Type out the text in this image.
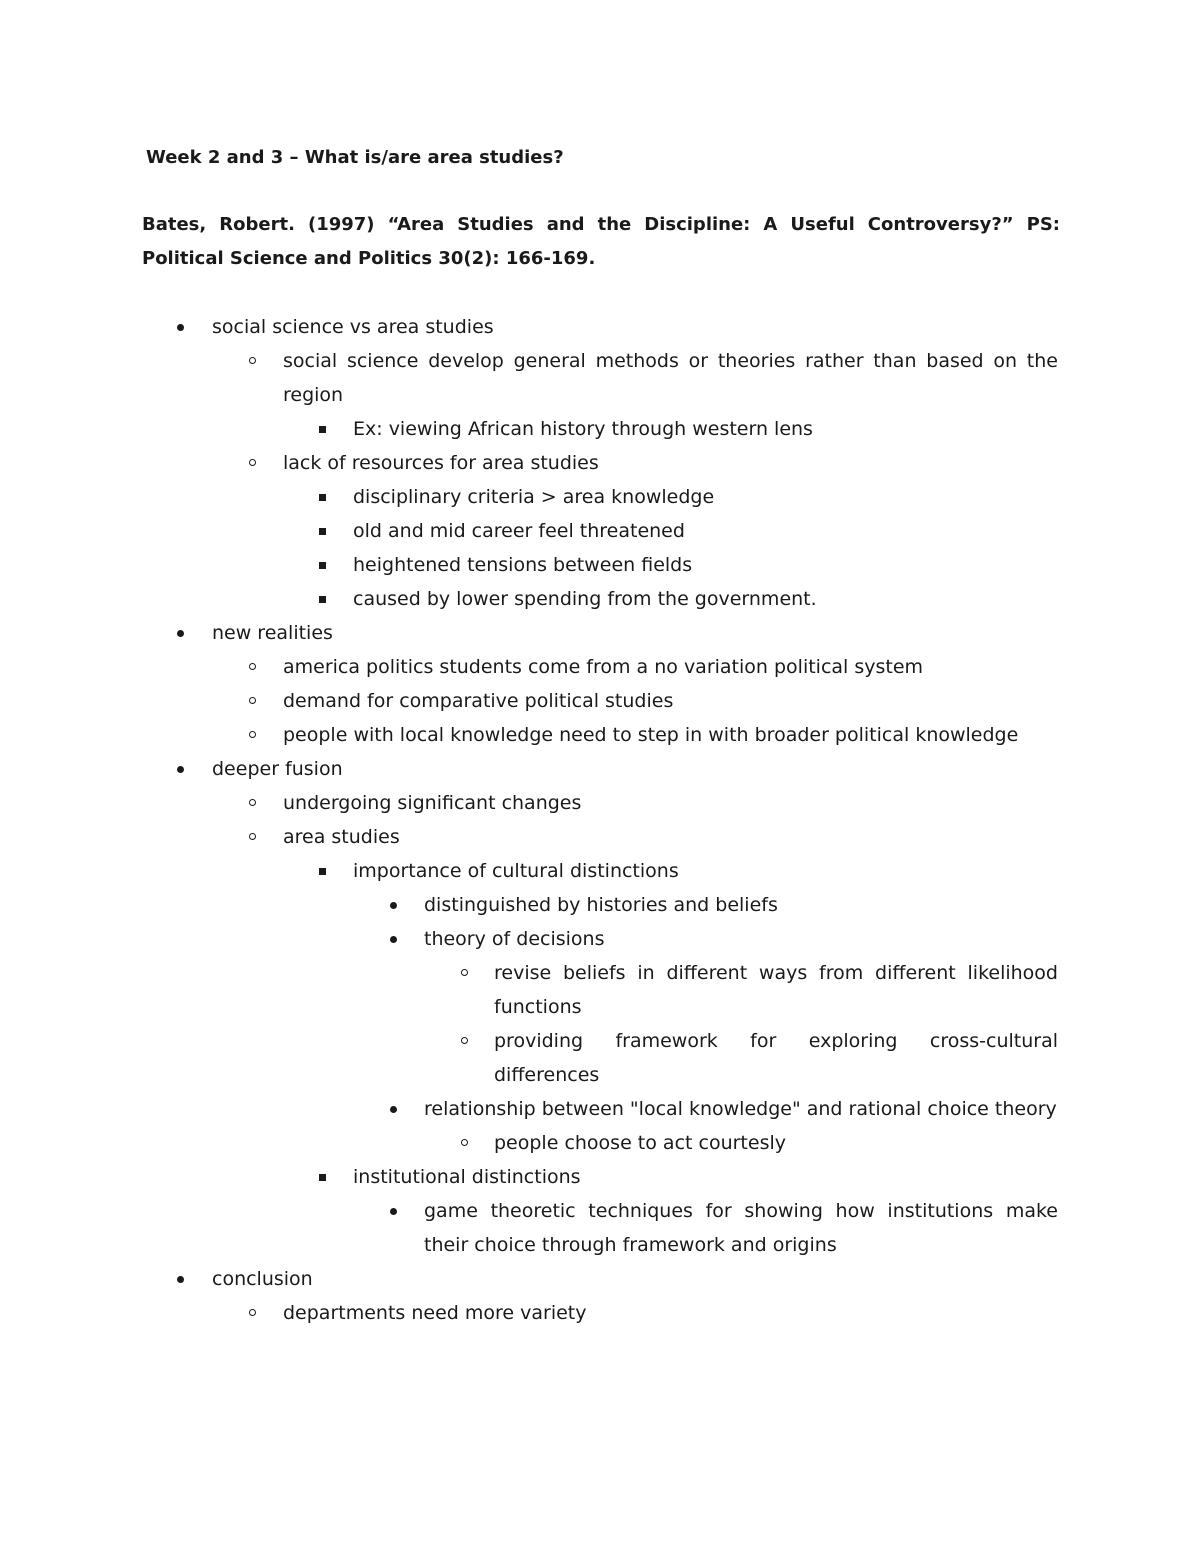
Week 2 and 3 – What is/are area studies?

Bates, Robert. (1997) “Area Studies and the Discipline: A Useful Controversy?” PS: Political Science and Politics 30(2): 166-169.

social science vs area studies
social science develop general methods or theories rather than based on the region
Ex: viewing African history through western lens
lack of resources for area studies
disciplinary criteria > area knowledge
old and mid career feel threatened
heightened tensions between fields
caused by lower spending from the government.
new realities
america politics students come from a no variation political system
demand for comparative political studies
people with local knowledge need to step in with broader political knowledge
deeper fusion
undergoing significant changes
area studies
importance of cultural distinctions
distinguished by histories and beliefs
theory of decisions
revise beliefs in different ways from different likelihood functions
providing framework for exploring cross-cultural differences
relationship between "local knowledge" and rational choice theory
people choose to act courtesly
institutional distinctions
game theoretic techniques for showing how institutions make their choice through framework and origins
conclusion
departments need more variety
